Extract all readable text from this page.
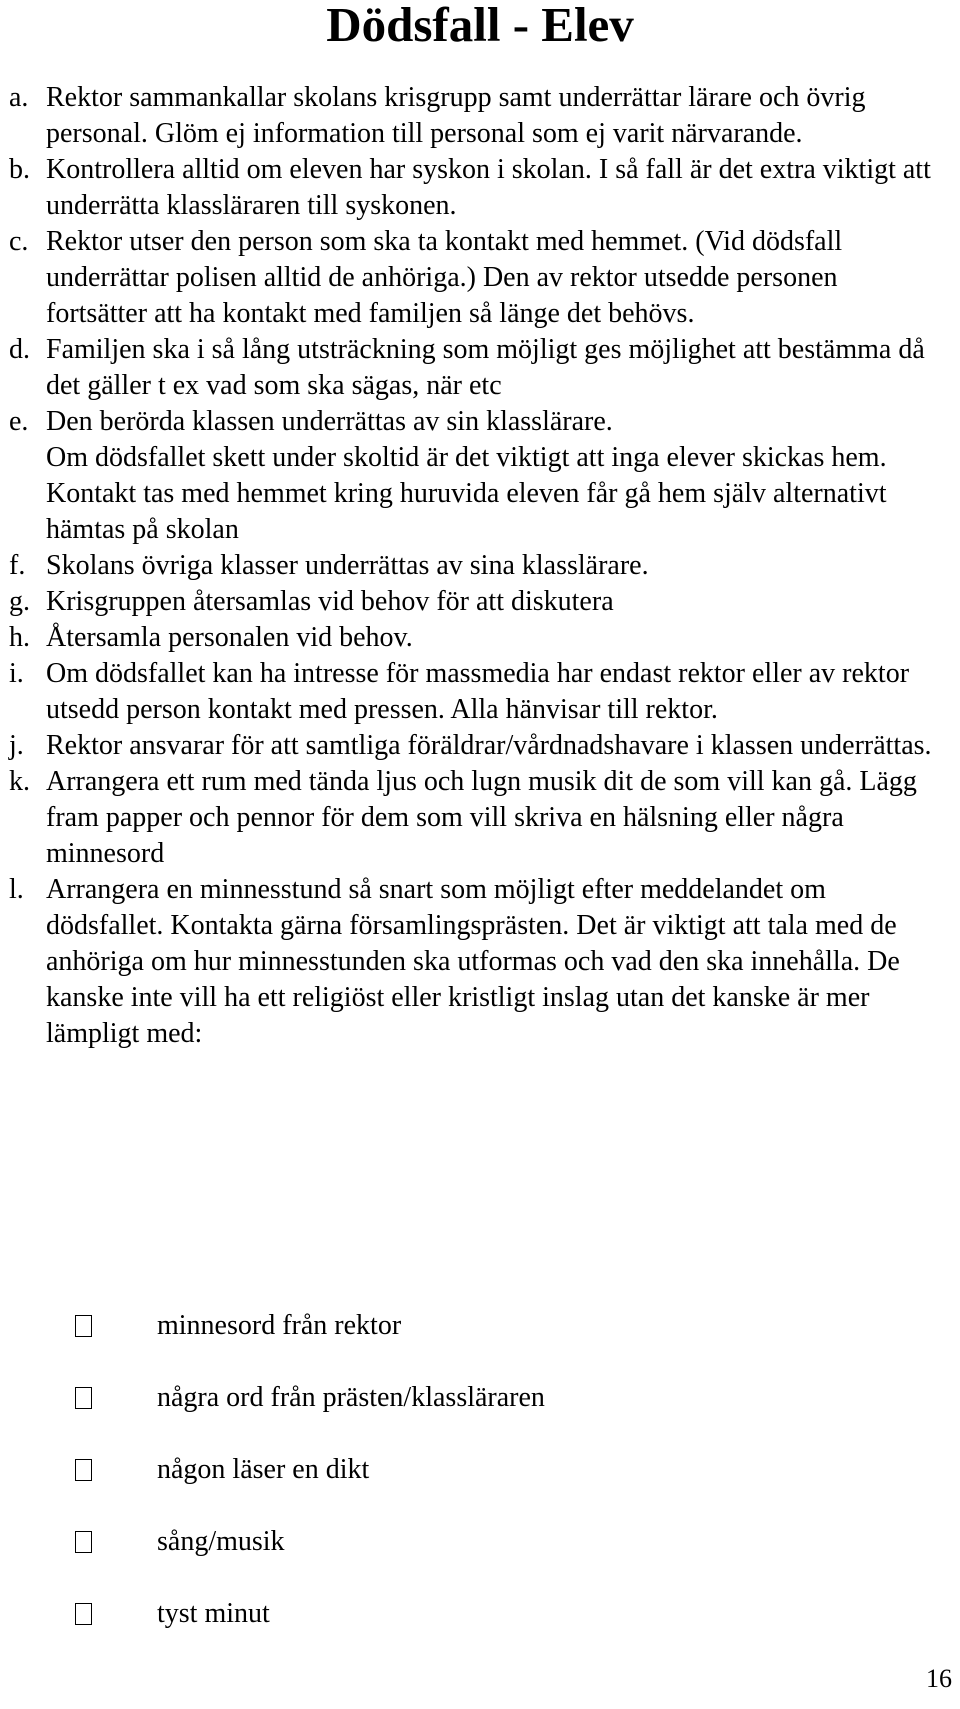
Dödsfall - Elev
a. Rektor sammankallar skolans krisgrupp samt underrättar lärare och övrig personal. Glöm ej information till personal som ej varit närvarande.
b. Kontrollera alltid om eleven har syskon i skolan. I så fall är det extra viktigt att underrätta klassläraren till syskonen.
c. Rektor utser den person som ska ta kontakt med hemmet. (Vid dödsfall underrättar polisen alltid de anhöriga.) Den av rektor utsedde personen fortsätter att ha kontakt med familjen så länge det behövs.
d. Familjen ska i så lång utsträckning som möjligt ges möjlighet att bestämma då det gäller t ex vad som ska sägas, när etc
e. Den berörda klassen underrättas av sin klasslärare.
Om dödsfallet skett under skoltid är det viktigt att inga elever skickas hem. Kontakt tas med hemmet kring huruvida eleven får gå hem själv alternativt hämtas på skolan
f. Skolans övriga klasser underrättas av sina klasslärare.
g. Krisgruppen återsamlas vid behov för att diskutera
h. Återsamla personalen vid behov.
i. Om dödsfallet kan ha intresse för massmedia har endast rektor eller av rektor utsedd person kontakt med pressen. Alla hänvisar till rektor.
j. Rektor ansvarar för att samtliga föräldrar/vårdnadshavare i klassen underrättas.
k. Arrangera ett rum med tända ljus och lugn musik dit de som vill kan gå. Lägg fram papper och pennor för dem som vill skriva en hälsning eller några minnesord
l. Arrangera en minnesstund så snart som möjligt efter meddelandet om dödsfallet. Kontakta gärna församlingsprästen. Det är viktigt att tala med de anhöriga om hur minnesstunden ska utformas och vad den ska innehålla. De kanske inte vill ha ett religiöst eller kristligt inslag utan det kanske är mer lämpligt med:
minnesord från rektor
några ord från prästen/klassläraren
någon läser en dikt
sång/musik
tyst minut
16
